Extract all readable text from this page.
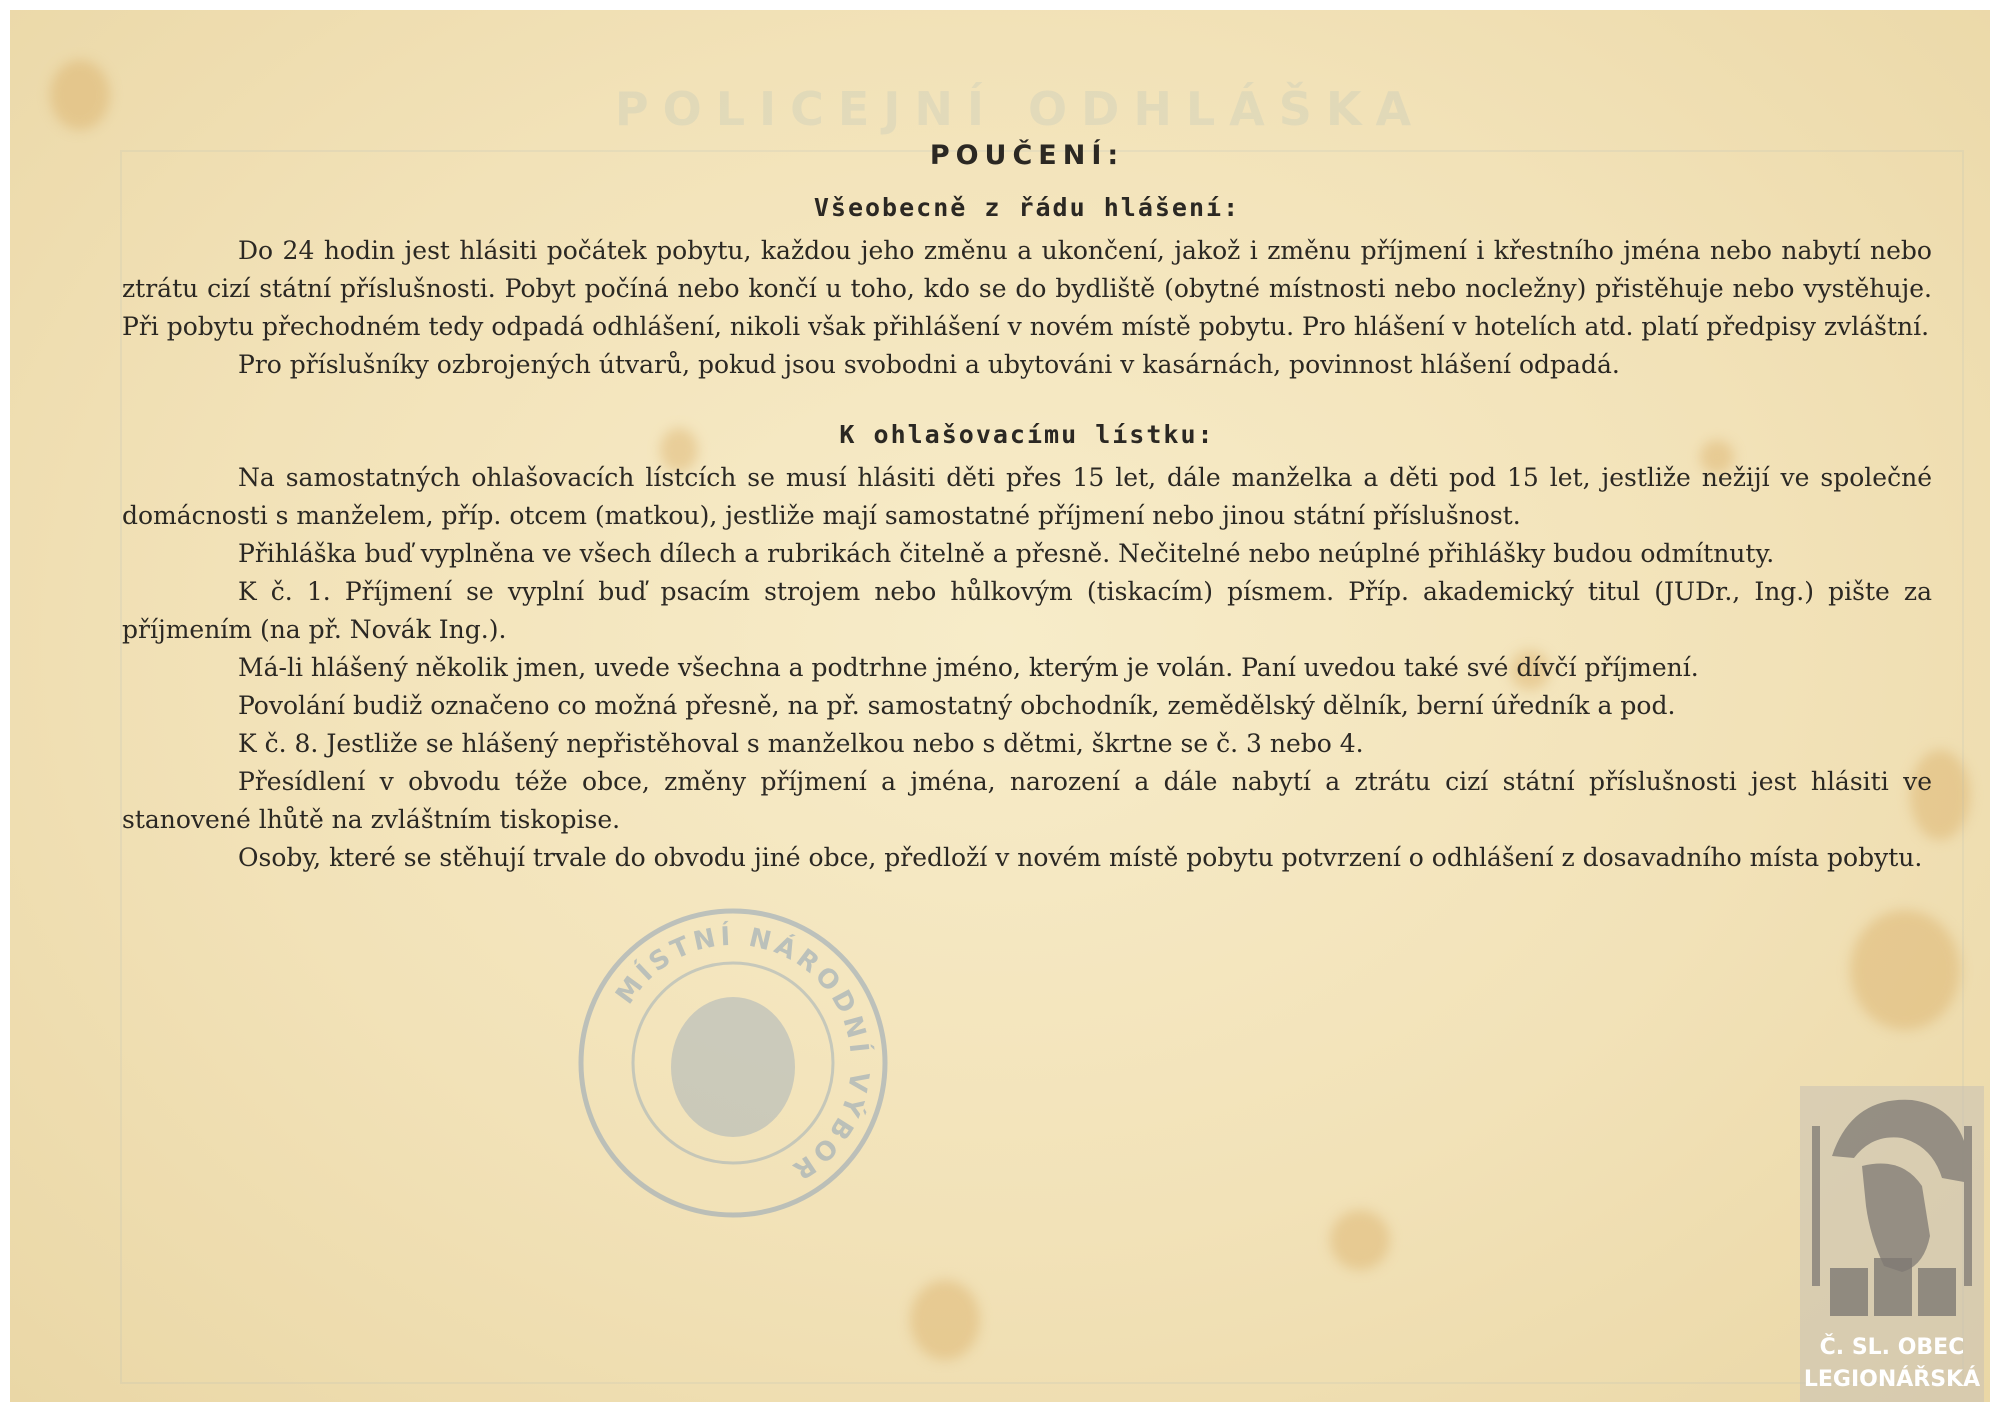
POLICEJNÍ ODHLÁŠKA
POUČENÍ:
Všeobecně z řádu hlášení:

Do 24 hodin jest hlásiti počátek pobytu, každou jeho změnu a ukončení, jakož i změnu příjmení i křestního jména nebo nabytí nebo ztrátu cizí státní příslušnosti. Pobyt počíná nebo končí u toho, kdo se do bydliště (obytné místnosti nebo nocležny) přistěhuje nebo vystěhuje. Při pobytu přechodném tedy odpadá odhlášení, nikoli však přihlášení v novém místě pobytu. Pro hlášení v hotelích atd. platí předpisy zvláštní.

Pro příslušníky ozbrojených útvarů, pokud jsou svobodni a ubytováni v kasárnách, povinnost hlášení odpadá.

K ohlašovacímu lístku:

Na samostatných ohlašovacích lístcích se musí hlásiti děti přes 15 let, dále manželka a děti pod 15 let, jestliže nežijí ve společné domácnosti s manželem, příp. otcem (matkou), jestliže mají samostatné příjmení nebo jinou státní příslušnost.

Přihláška buď vyplněna ve všech dílech a rubrikách čitelně a přesně. Nečitelné nebo neúplné přihlášky budou odmítnuty.

K č. 1. Příjmení se vyplní buď psacím strojem nebo hůlkovým (tiskacím) písmem. Příp. akademický titul (JUDr., Ing.) pište za příjmením (na př. Novák Ing.).

Má-li hlášený několik jmen, uvede všechna a podtrhne jméno, kterým je volán. Paní uvedou také své dívčí příjmení.

Povolání budiž označeno co možná přesně, na př. samostatný obchodník, zemědělský dělník, berní úředník a pod.

K č. 8. Jestliže se hlášený nepřistěhoval s manželkou nebo s dětmi, škrtne se č. 3 nebo 4.

Přesídlení v obvodu téže obce, změny příjmení a jména, narození a dále nabytí a ztrátu cizí státní příslušnosti jest hlásiti ve stanovené lhůtě na zvláštním tiskopise.

Osoby, které se stěhují trvale do obvodu jiné obce, předloží v novém místě pobytu potvrzení o odhlášení z dosavadního místa pobytu.

MÍSTNÍ NÁRODNÍ VÝBOR
Č. SL. OBEC
LEGIONÁŘSKÁ
